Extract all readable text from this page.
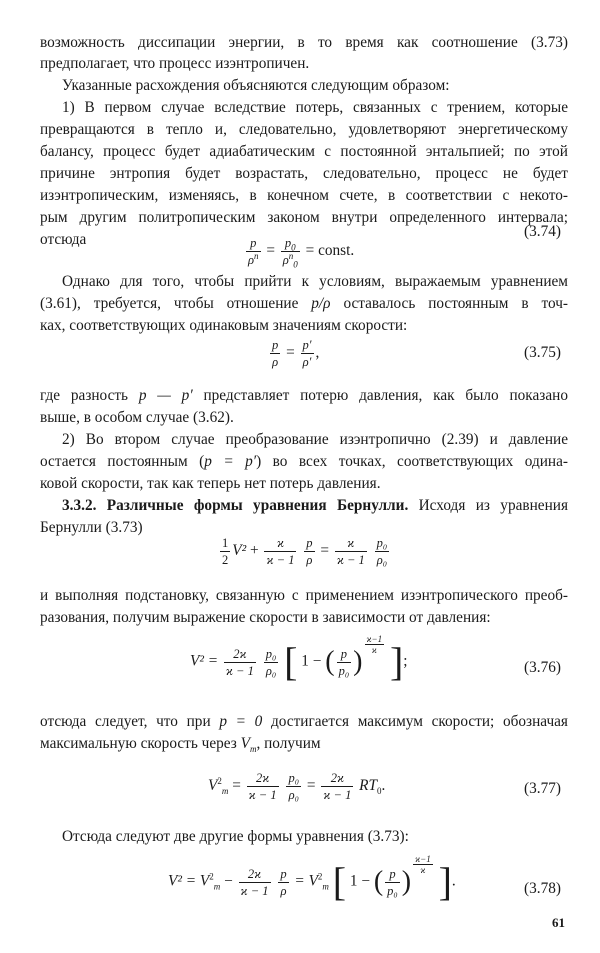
возможность диссипации энергии, в то время как соотношение (3.73)
предполагает, что процесс изэнтропичен.
Указанные расхождения объясняются следующим образом:
1) В первом случае вследствие потерь, связанных с трением, которые
превращаются в тепло и, следовательно, удовлетворяют энергетическому
балансу, процесс будет адиабатическим с постоянной энтальпией; по этой
причине энтропия будет возрастать, следовательно, процесс не будет
изэнтропическим, изменяясь, в конечном счете, в соответствии с некото-
рым другим политропическим законом внутри определенного интервала;
отсюда	$\frac{p}{\rho^n} = \frac{p_0}{\rho^n_0}$ = const.
(3.74)
Однако для того, чтобы прийти к условиям, выражаемым уравнением
(3.61), требуется, чтобы отношение p/ρ оставалось постоянным в точ-
ках, соответствующих одинаковым значениям скорости:
$\frac{p}{\rho} = \frac{p'}{\rho'}$ ,	(3.75)
где разность p — p′ представляет потерю давления, как было показано
выше, в особом случае (3.62).
2) Во втором случае преобразование изэнтропично (2.39) и давление
остается постоянным (p = p′) во всех точках, соответствующих одина-
ковой скорости, так как теперь нет потерь давления.
3.3.2. Различные формы уравнения Бернулли. Исходя из уравнения
Бернулли (3.73)
$\frac{1}{2} V^2 + \frac{ϰ}{ϰ - 1}$
$\frac{p}{\rho} = \frac{ϰ}{ϰ - 1}$
$\frac{\text{p₀}}{\text{ρ₀}}$
и выполняя подстановку, связанную с применением изэнтропического преоб-
разования, получим выражение скорости в зависимости от давления:
$V^2 = \frac{2ϰ}{ϰ - 1}$
$\frac{\text{p₀}}{\text{ρ₀}}$ [ 1 − ( $\frac{p}{\text{p₀}}$ )
$\frac{ϰ-1}{ϰ}$ ];	(3.76)
отсюда следует, что при p = 0 достигается максимум скорости; обозначая
максимальную скорость через $V_m$, получим
$V^2_m = \frac{2ϰ}{ϰ - 1}$
$\frac{\text{p₀}}{\text{ρ₀}} = \frac{2ϰ}{ϰ - 1} RT_0$.	(3.77)
Отсюда следуют две другие формы уравнения (3.73):
$V^2 = V^2_m - \frac{2ϰ}{ϰ - 1}$
$\frac{p}{\rho} = V^2_m$ [ 1 − ( $\frac{p}{\text{p₀}}$ )
$\frac{ϰ-1}{ϰ}$ ].	(3.78)
61
